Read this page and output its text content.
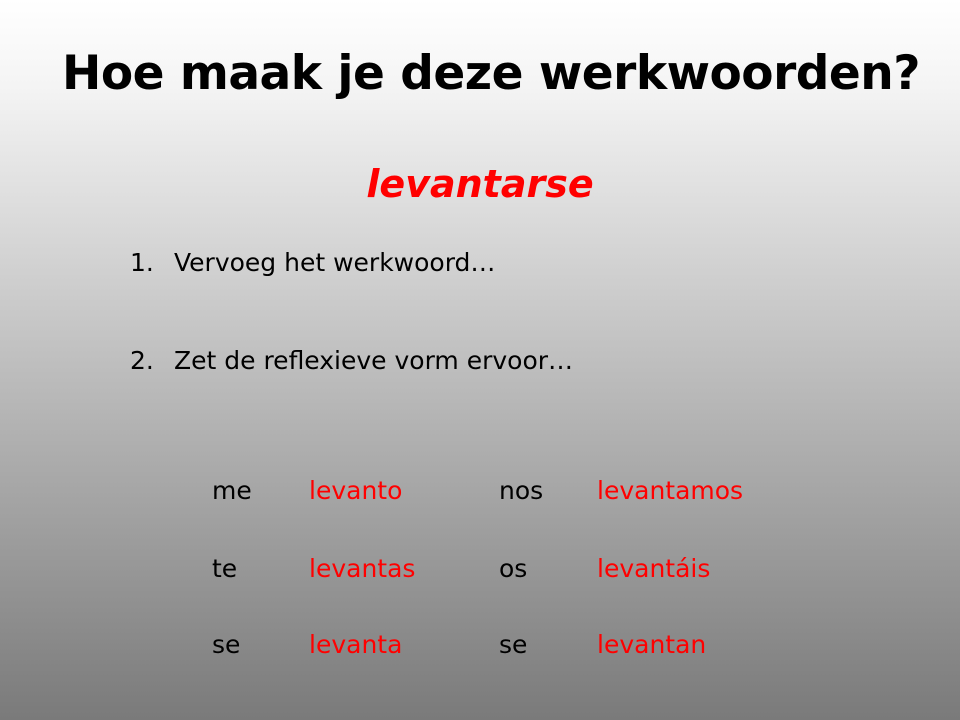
Hoe maak je deze werkwoorden?
levantarse
1. Vervoeg het werkwoord…
2. Zet de reflexieve vorm ervoor…
me levanto	nos levantamos
te	levantas	os	levantáis
se	levanta	se	levantan
